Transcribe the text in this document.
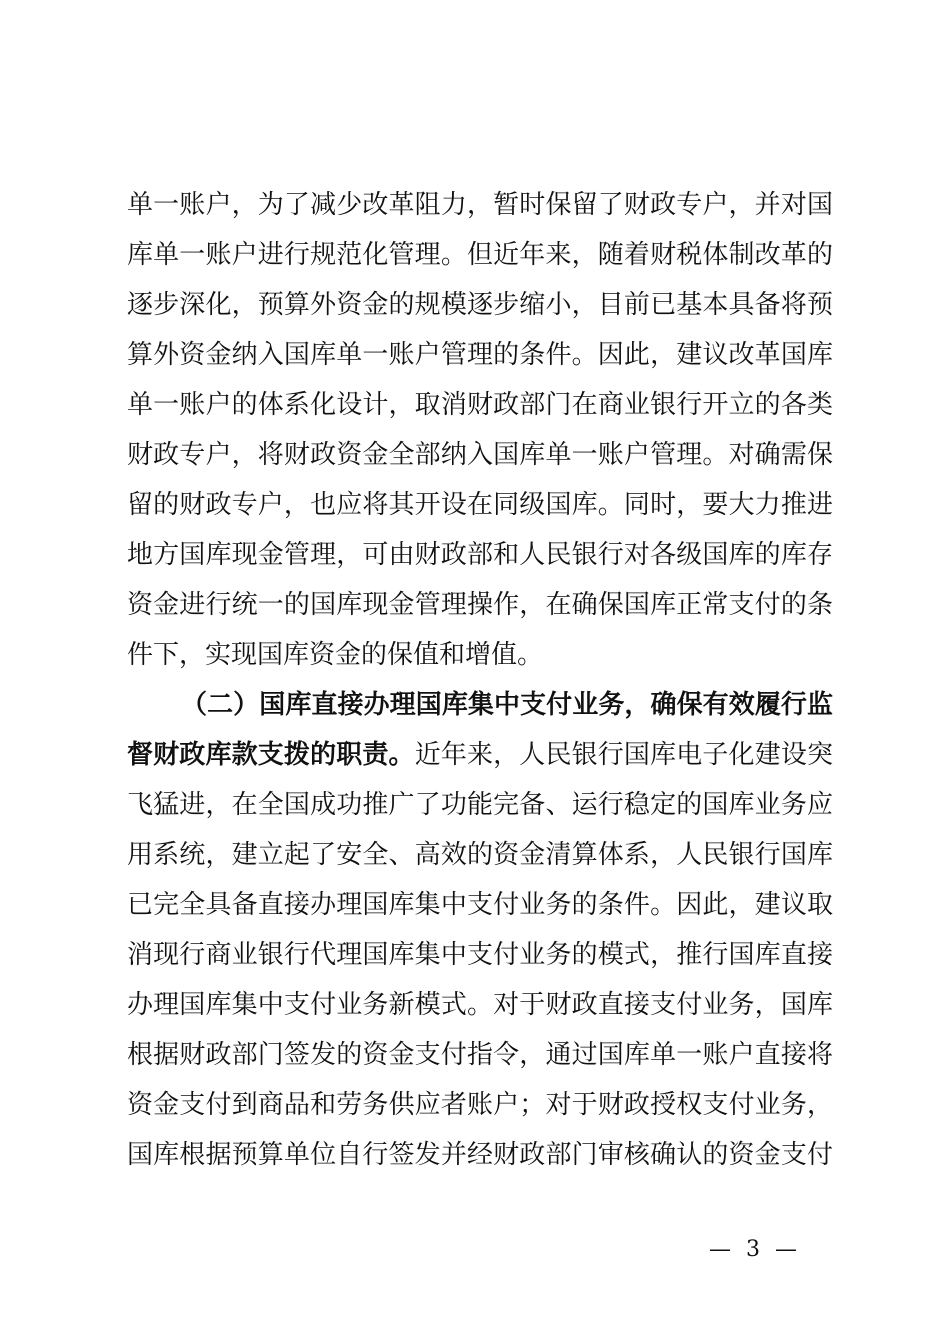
单一账户，为了减少改革阻力，暂时保留了财政专户，并对国
库单一账户进行规范化管理。但近年来，随着财税体制改革的
逐步深化，预算外资金的规模逐步缩小，目前已基本具备将预
算外资金纳入国库单一账户管理的条件。因此，建议改革国库
单一账户的体系化设计，取消财政部门在商业银行开立的各类
财政专户，将财政资金全部纳入国库单一账户管理。对确需保
留的财政专户，也应将其开设在同级国库。同时，要大力推进
地方国库现金管理，可由财政部和人民银行对各级国库的库存
资金进行统一的国库现金管理操作，在确保国库正常支付的条
件下，实现国库资金的保值和增值。
（二）国库直接办理国库集中支付业务，确保有效履行监
督财政库款支拨的职责。近年来，人民银行国库电子化建设突
飞猛进，在全国成功推广了功能完备、运行稳定的国库业务应
用系统，建立起了安全、高效的资金清算体系，人民银行国库
已完全具备直接办理国库集中支付业务的条件。因此，建议取
消现行商业银行代理国库集中支付业务的模式，推行国库直接
办理国库集中支付业务新模式。对于财政直接支付业务，国库
根据财政部门签发的资金支付指令，通过国库单一账户直接将
资金支付到商品和劳务供应者账户；对于财政授权支付业务，
国库根据预算单位自行签发并经财政部门审核确认的资金支付
— 3 —
